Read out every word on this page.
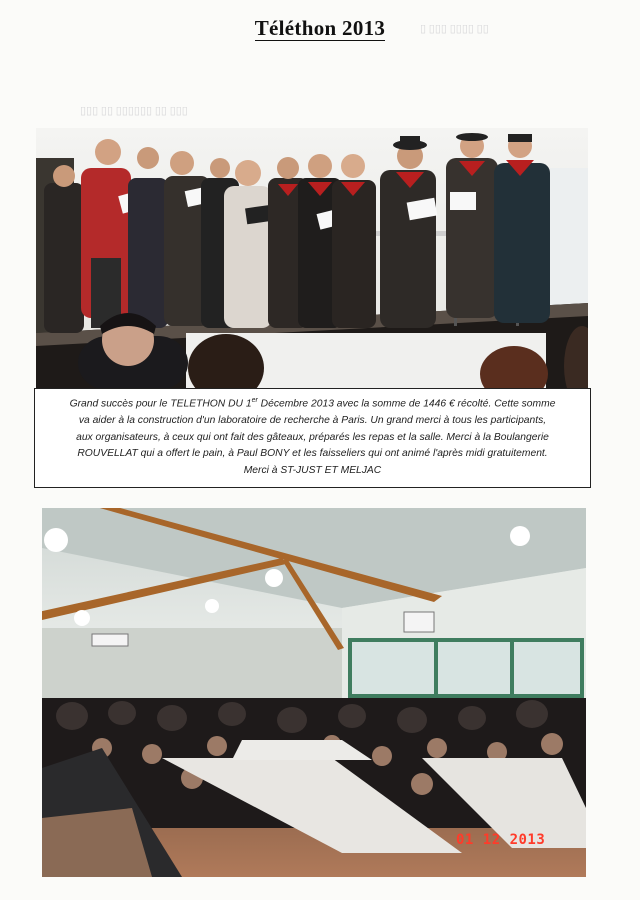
▯ ▯▯▯ ▯▯▯▯ ▯▯
▯▯▯ ▯▯ ▯▯▯▯▯▯ ▯▯ ▯▯▯
Téléthon 2013

Grand succès pour le TELETHON DU 1er Décembre 2013 avec la somme de 1446 € récolté. Cette somme

va aider à la construction d'un laboratoire de recherche à Paris. Un grand merci à tous les participants,

aux organisateurs, à ceux qui ont fait des gâteaux, préparés les repas et la salle. Merci à la Boulangerie

ROUVELLAT qui a offert le pain, à Paul BONY et les faisseliers qui ont animé l'après midi gratuitement.

Merci à ST-JUST ET MELJAC

01 12 2013
